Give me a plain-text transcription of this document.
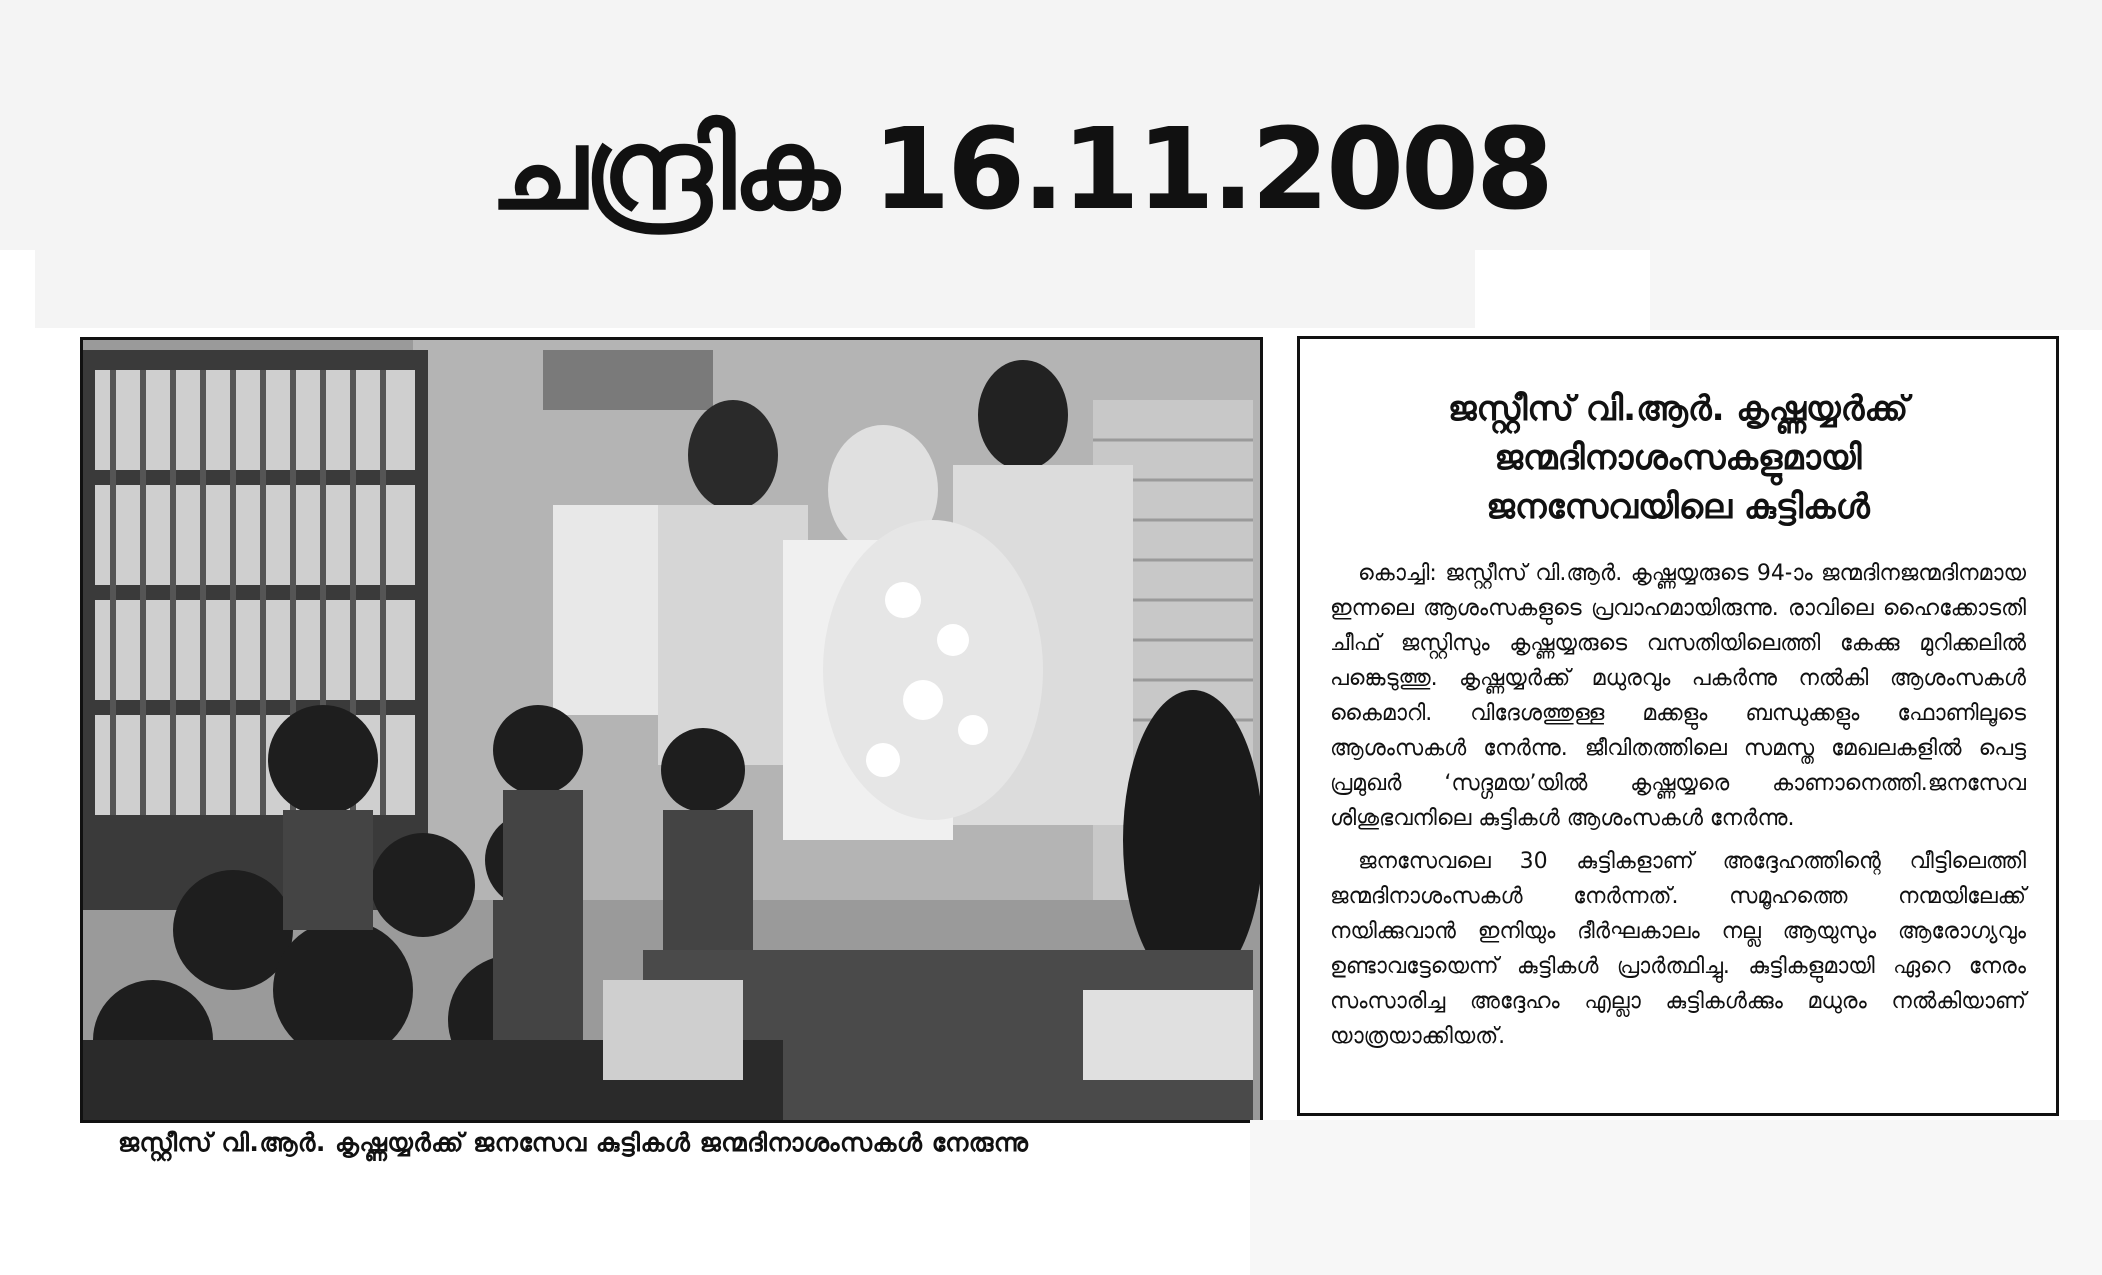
ചന്ദ്രിക 16.11.2008
ജസ്റ്റീസ് വി.ആർ. കൃഷ്ണയ്യർക്ക് ജനസേവ കുട്ടികൾ ജന്മദിനാശംസകൾ നേരുന്നു
ജസ്റ്റീസ് വി.ആർ. കൃഷ്ണയ്യർക്ക്
ജന്മദിനാശംസകളുമായി
ജനസേവയിലെ കുട്ടികൾ

കൊച്ചി: ജസ്റ്റീസ് വി.ആർ. കൃഷ്ണയ്യരുടെ 94-ാം ജന്മദിനജന്മദിനമായ ഇന്നലെ ആശംസകളുടെ പ്രവാഹമായിരുന്നു. രാവിലെ ഹൈക്കോടതി ചീഫ് ജസ്റ്റിസും കൃഷ്ണയ്യരുടെ വസതിയിലെത്തി കേക്കു മുറിക്കലിൽ പങ്കെടുത്തു. കൃഷ്ണയ്യർക്ക് മധുരവും പകർന്നു നൽകി ആശംസകൾ കൈമാറി. വിദേശത്തുള്ള മക്കളും ബന്ധുക്കളും ഫോണിലൂടെ ആശംസകൾ നേർന്നു. ജീവിതത്തിലെ സമസ്ത മേഖലകളിൽ പെട്ട പ്രമുഖർ ‘സദ്ഗമയ’യിൽ കൃഷ്ണയ്യരെ കാണാനെത്തി.ജനസേവ ശിശുഭവനിലെ കുട്ടികൾ ആശംസകൾ നേർന്നു.

ജനസേവലെ 30 കുട്ടികളാണ് അദ്ദേഹത്തിന്റെ വീട്ടിലെത്തി ജന്മദിനാശംസകൾ നേർന്നത്. സമൂഹത്തെ നന്മയിലേക്ക് നയിക്കുവാൻ ഇനിയും ദീർഘകാലം നല്ല ആയുസും ആരോഗ്യവും ഉണ്ടാവട്ടേയെന്ന് കുട്ടികൾ പ്രാർത്ഥിച്ചു. കുട്ടികളുമായി ഏറെ നേരം സംസാരിച്ച അദ്ദേഹം എല്ലാ കുട്ടികൾക്കും മധുരം നൽകിയാണ് യാത്രയാക്കിയത്.
